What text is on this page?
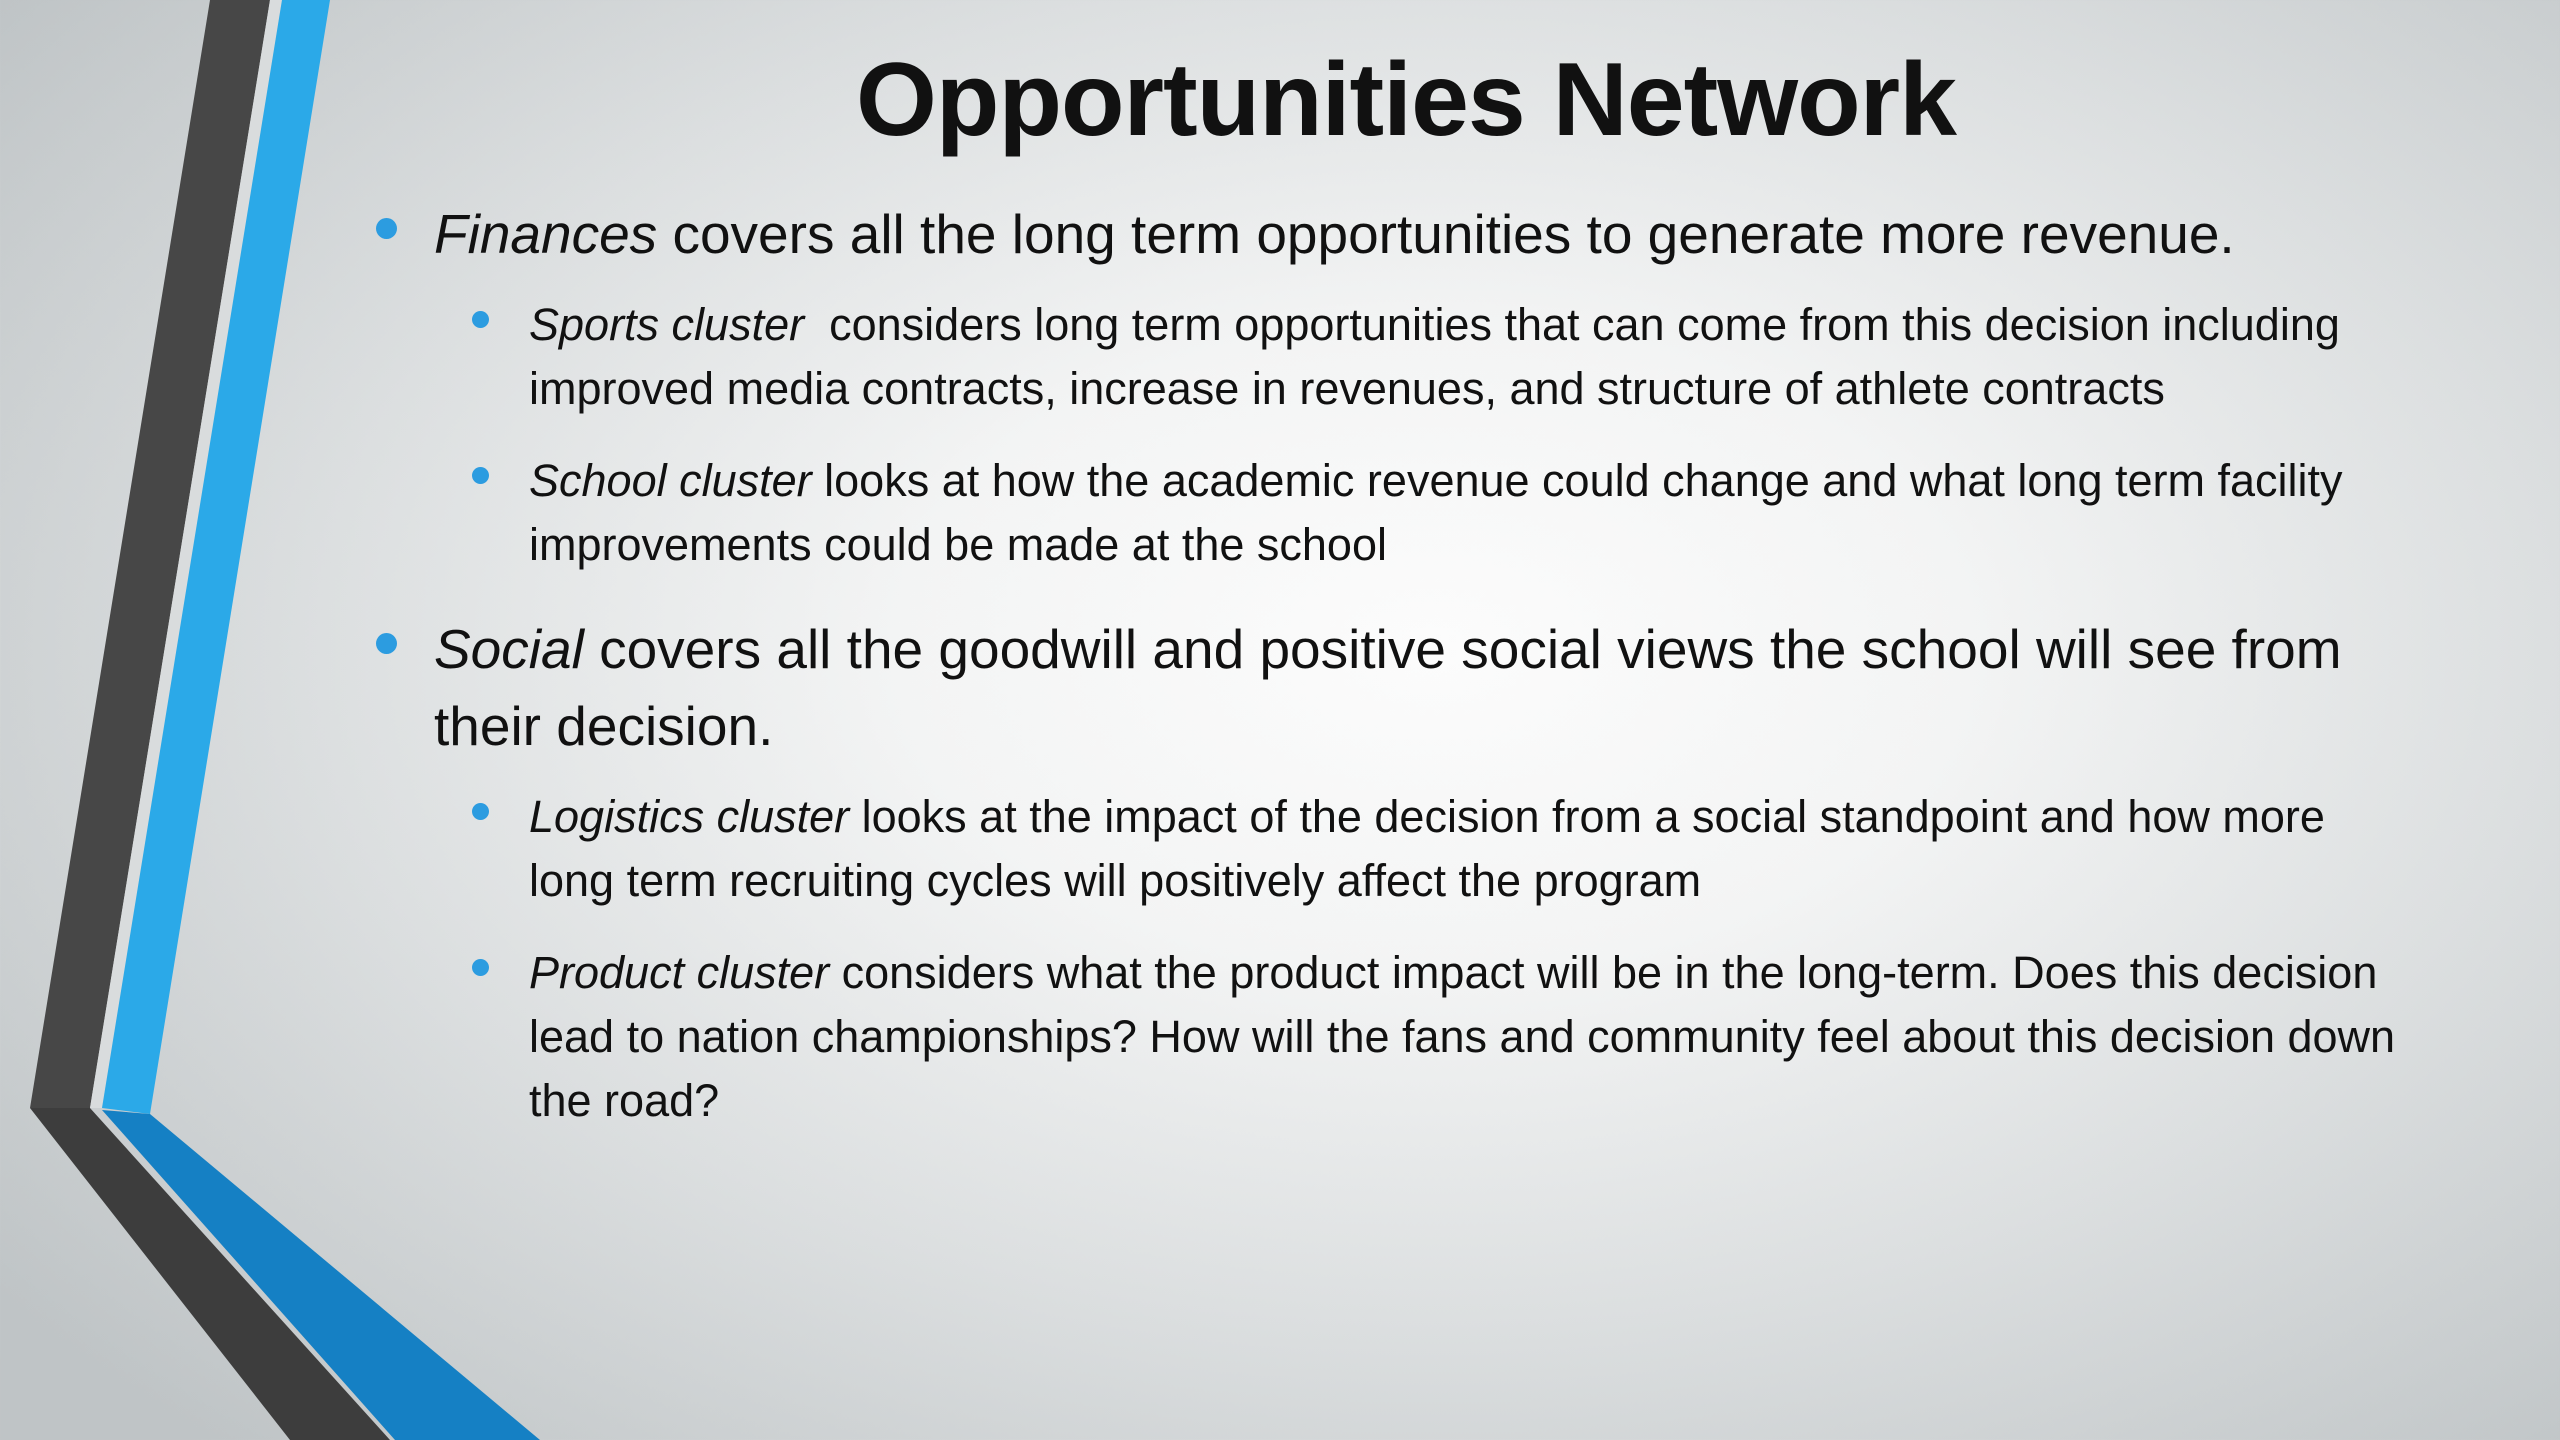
Opportunities Network
Finances covers all the long term opportunities to generate more revenue.
Sports cluster  considers long term opportunities that can come from this decision including improved media contracts, increase in revenues, and structure of athlete contracts
School cluster looks at how the academic revenue could change and what long term facility improvements could be made at the school
Social covers all the goodwill and positive social views the school will see from their decision.
Logistics cluster looks at the impact of the decision from a social standpoint and how more long term recruiting cycles will positively affect the program
Product cluster considers what the product impact will be in the long-term. Does this decision lead to nation championships? How will the fans and community feel about this decision down the road?
